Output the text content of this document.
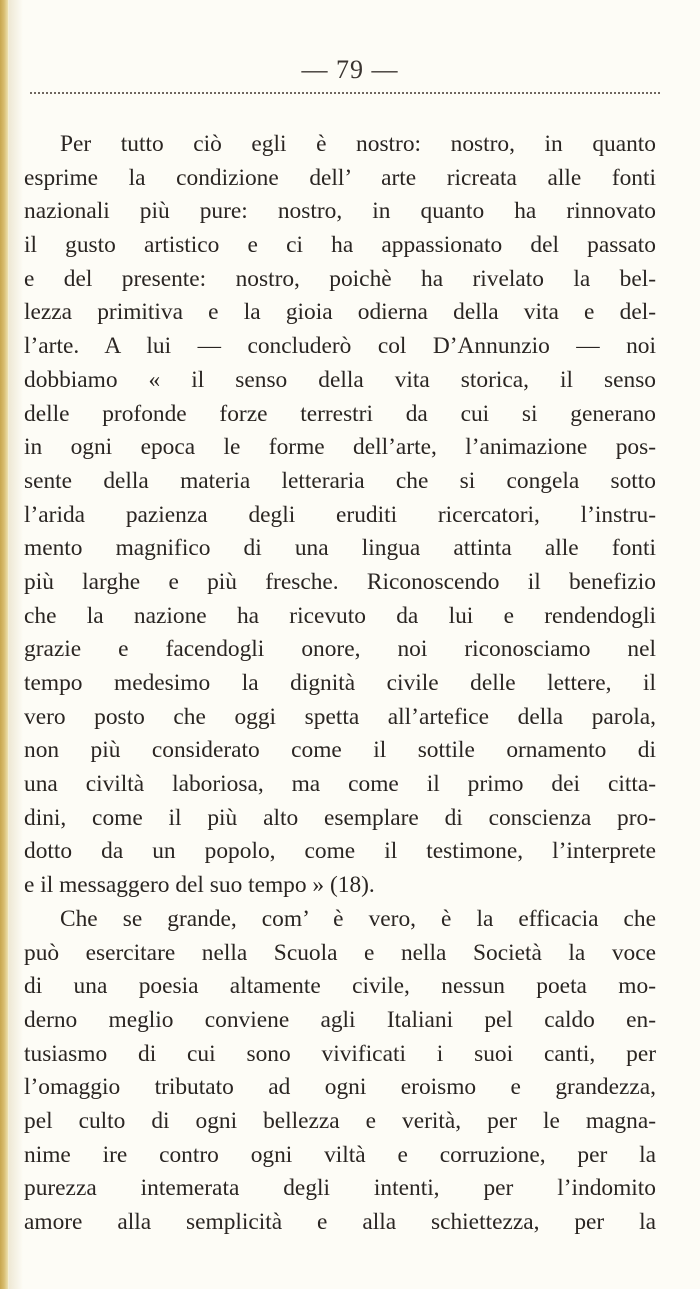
— 79 —
Per tutto ciò egli è nostro: nostro, in quanto
esprime la condizione dell’ arte ricreata alle fonti
nazionali più pure: nostro, in quanto ha rinnovato
il gusto artistico e ci ha appassionato del passato
e del presente: nostro, poichè ha rivelato la bel-
lezza primitiva e la gioia odierna della vita e del-
l’arte. A lui — concluderò col D’Annunzio — noi
dobbiamo « il senso della vita storica, il senso
delle profonde forze terrestri da cui si generano
in ogni epoca le forme dell’arte, l’animazione pos-
sente della materia letteraria che si congela sotto
l’arida pazienza degli eruditi ricercatori, l’instru-
mento magnifico di una lingua attinta alle fonti
più larghe e più fresche. Riconoscendo il benefizio
che la nazione ha ricevuto da lui e rendendogli
grazie e facendogli onore, noi riconosciamo nel
tempo medesimo la dignità civile delle lettere, il
vero posto che oggi spetta all’artefice della parola,
non più considerato come il sottile ornamento di
una civiltà laboriosa, ma come il primo dei citta-
dini, come il più alto esemplare di conscienza pro-
dotto da un popolo, come il testimone, l’interprete
e il messaggero del suo tempo » (18).
Che se grande, com’ è vero, è la efficacia che
può esercitare nella Scuola e nella Società la voce
di una poesia altamente civile, nessun poeta mo-
derno meglio conviene agli Italiani pel caldo en-
tusiasmo di cui sono vivificati i suoi canti, per
l’omaggio tributato ad ogni eroismo e grandezza,
pel culto di ogni bellezza e verità, per le magna-
nime ire contro ogni viltà e corruzione, per la
purezza intemerata degli intenti, per l’indomito
amore alla semplicità e alla schiettezza, per la
